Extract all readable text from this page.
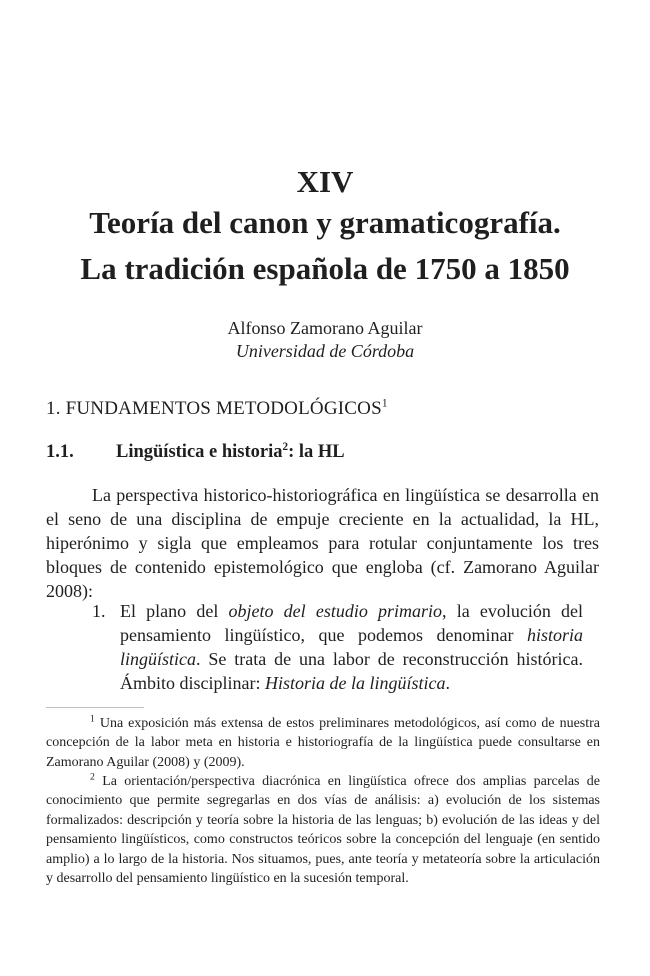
XIV
Teoría del canon y gramaticografía.
La tradición española de 1750 a 1850
Alfonso Zamorano Aguilar
Universidad de Córdoba
1. FUNDAMENTOS METODOLÓGICOS$^1$
1.1. Lingüística e historia$^2$: la HL

La perspectiva historico-historiográfica en lingüística se desarrolla en el seno de una disciplina de empuje creciente en la actualidad, la HL, hiperónimo y sigla que empleamos para rotular conjuntamente los tres bloques de contenido epistemológico que engloba (cf. Zamorano Aguilar 2008):

1. El plano del objeto del estudio primario, la evolución del pensamiento lingüístico, que podemos denominar historia lingüística. Se trata de una labor de reconstrucción histórica. Ámbito disciplinar: Historia de la lingüística.

$^1$ Una exposición más extensa de estos preliminares metodológicos, así como de nuestra concepción de la labor meta en historia e historiografía de la lingüística puede consultarse en Zamorano Aguilar (2008) y (2009).

$^2$ La orientación/perspectiva diacrónica en lingüística ofrece dos amplias parcelas de conocimiento que permite segregarlas en dos vías de análisis: a) evolución de los sistemas formalizados: descripción y teoría sobre la historia de las lenguas; b) evolución de las ideas y del pensamiento lingüísticos, como constructos teóricos sobre la concepción del lenguaje (en sentido amplio) a lo largo de la historia. Nos situamos, pues, ante teoría y metateoría sobre la articulación y desarrollo del pensamiento lingüístico en la sucesión temporal.
